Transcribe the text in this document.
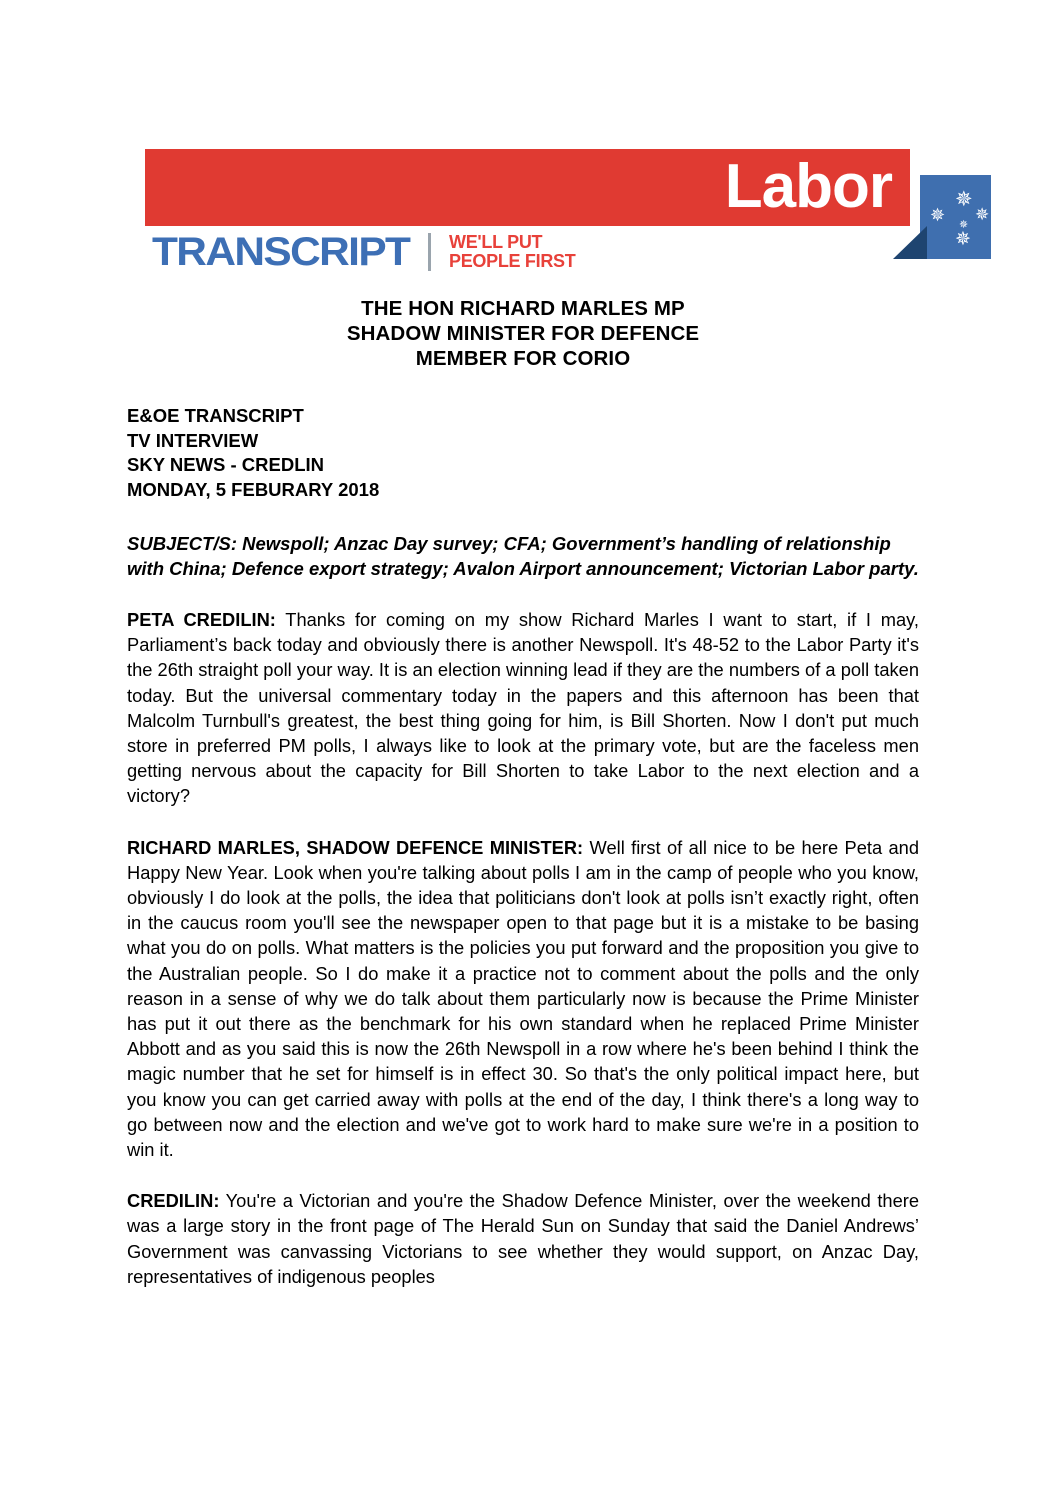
Labor	✵
✵ ✵
✵
✵
TRANSCRIPT WE'LL PUT
PEOPLE FIRST
THE HON RICHARD MARLES MP
SHADOW MINISTER FOR DEFENCE
MEMBER FOR CORIO
E&OE TRANSCRIPT
TV INTERVIEW
SKY NEWS - CREDLIN
MONDAY, 5 FEBURARY 2018
SUBJECT/S: Newspoll; Anzac Day survey; CFA; Government’s handling of relationship with China; Defence export strategy; Avalon Airport announcement; Victorian Labor party.
PETA CREDILIN: Thanks for coming on my show Richard Marles I want to start, if I may, Parliament’s back today and obviously there is another Newspoll. It's 48-52 to the Labor Party it's the 26th straight poll your way. It is an election winning lead if they are the numbers of a poll taken today. But the universal commentary today in the papers and this afternoon has been that Malcolm Turnbull's greatest, the best thing going for him, is Bill Shorten. Now I don't put much store in preferred PM polls, I always like to look at the primary vote, but are the faceless men getting nervous about the capacity for Bill Shorten to take Labor to the next election and a victory?
RICHARD MARLES, SHADOW DEFENCE MINISTER: Well first of all nice to be here Peta and Happy New Year. Look when you're talking about polls I am in the camp of people who you know, obviously I do look at the polls, the idea that politicians don't look at polls isn’t exactly right, often in the caucus room you'll see the newspaper open to that page but it is a mistake to be basing what you do on polls. What matters is the policies you put forward and the proposition you give to the Australian people. So I do make it a practice not to comment about the polls and the only reason in a sense of why we do talk about them particularly now is because the Prime Minister has put it out there as the benchmark for his own standard when he replaced Prime Minister Abbott and as you said this is now the 26th Newspoll in a row where he's been behind I think the magic number that he set for himself is in effect 30. So that's the only political impact here, but you know you can get carried away with polls at the end of the day, I think there's a long way to go between now and the election and we've got to work hard to make sure we're in a position to win it.
CREDILIN: You're a Victorian and you're the Shadow Defence Minister, over the weekend there was a large story in the front page of The Herald Sun on Sunday that said the Daniel Andrews’ Government was canvassing Victorians to see whether they would support, on Anzac Day, representatives of indigenous peoples
